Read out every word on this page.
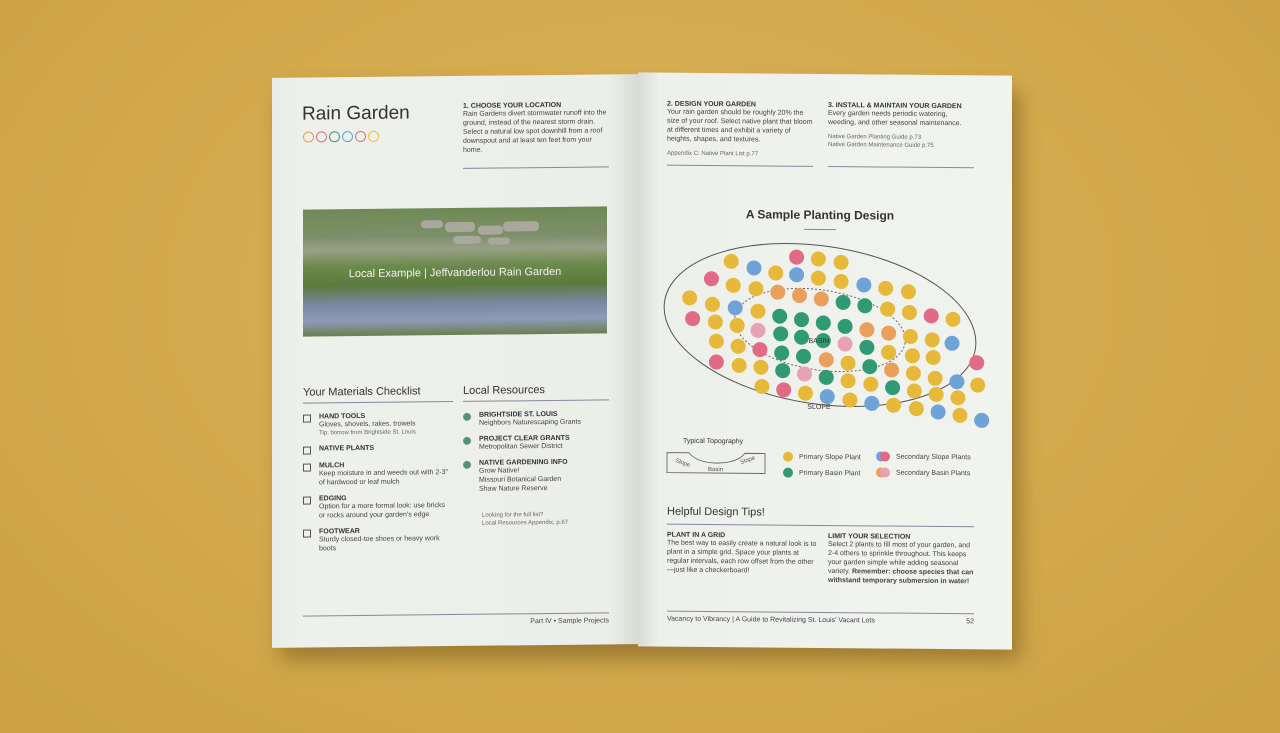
Rain Garden	1. CHOOSE YOUR LOCATION
Rain Gardens divert stormwater runoff into the ground, instead of the nearest storm drain. Select a natural low spot downhill from a roof downspout and at least ten feet from your home.
Local Example | Jeffvanderlou Rain Garden
Your Materials Checklist
HAND TOOLS
Gloves, shovels, rakes, trowels
Tip: borrow from Brightside St. Louis
NATIVE PLANTS
MULCH
Keep moisture in and weeds out with 2-3" of hardwood or leaf mulch
EDGING
Option for a more formal look: use bricks or rocks around your garden's edge
FOOTWEAR
Sturdy closed-toe shoes or heavy work boots
Local Resources
BRIGHTSIDE ST. LOUIS
Neighbors Naturescaping Grants
PROJECT CLEAR GRANTS
Metropolitan Sewer District
NATIVE GARDENING INFO
Grow Native!
Missouri Botanical Garden
Shaw Nature Reserve
Looking for the full list?
Local Resources Appendix, p.67
Part IV • Sample Projects
2. DESIGN YOUR GARDEN
Your rain garden should be roughly 20% the size of your roof. Select native plant that bloom at different times and exhibit a variety of heights, shapes, and textures.
Appendix C: Native Plant List p.77
3. INSTALL & MAINTAIN YOUR GARDEN
Every garden needs periodic watering, weeding, and other seasonal maintenance.
Native Garden Planting Guide p.73
Native Garden Maintenance Guide p.75
A Sample Planting Design
BASIN
SLOPE
Typical Topography
Slope
Basin
Slope	Primary Slope Plant	Secondary Slope Plants
Primary Basin Plant	Secondary Basin Plants
Helpful Design Tips!
PLANT IN A GRID
The best way to easily create a natural look is to plant in a simple grid. Space your plants at regular intervals, each row offset from the other—just like a checkerboard!
LIMIT YOUR SELECTION
Select 2 plants to fill most of your garden, and 2-4 others to sprinkle throughout. This keeps your garden simple while adding seasonal variety. Remember: choose species that can withstand temporary submersion in water!
Vacancy to Vibrancy | A Guide to Revitalizing St. Louis' Vacant Lots	52
